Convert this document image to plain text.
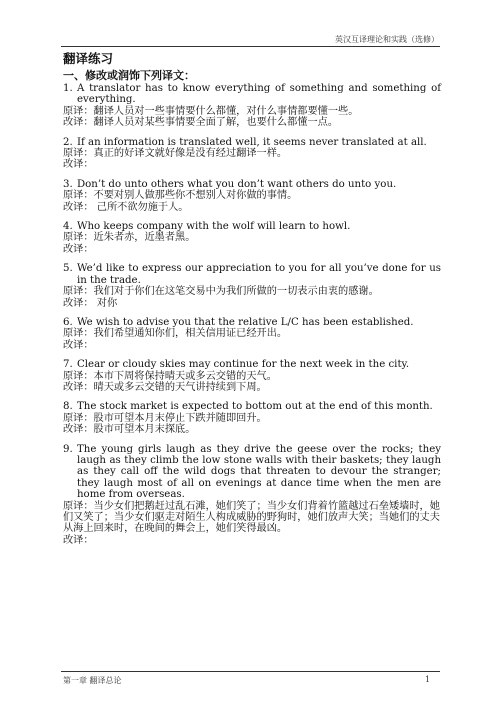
英汉互译理论和实践（选修）
翻译练习
一、修改或润饰下列译文：
1. A translator has to know everything of something and something of everything.
原译：翻译人员对一些事情要什么都懂，对什么事情都要懂一些。
改译：翻译人员对某些事情要全面了解，也要什么都懂一点。
2. If an information is translated well, it seems never translated at all.
原译：真正的好译文就好像是没有经过翻译一样。
改译：
3. Don’t do unto others what you don’t want others do unto you.
原译：不要对别人做那些你不想别人对你做的事情。
改译： 己所不欲勿施于人。
4. Who keeps company with the wolf will learn to howl.
原译：近朱者赤，近墨者黑。
改译：
5. We’d like to express our appreciation to you for all you’ve done for us in the trade.
原译：我们对于你们在这笔交易中为我们所做的一切表示由衷的感谢。
改译： 对你
6. We wish to advise you that the relative L/C has been established.
原译：我们希望通知你们，相关信用证已经开出。
改译：
7. Clear or cloudy skies may continue for the next week in the city.
原译：本市下周将保持晴天或多云交错的天气。
改译：晴天或多云交错的天气讲持续到下周。
8. The stock market is expected to bottom out at the end of this month.
原译：股市可望本月末停止下跌并随即回升。
改译：股市可望本月末探底。
9. The young girls laugh as they drive the geese over the rocks; they laugh as they climb the low stone walls with their baskets; they laugh as they call off the wild dogs that threaten to devour the stranger; they laugh most of all on evenings at dance time when the men are home from overseas.
原译：当少女们把鹅赶过乱石滩，她们笑了；当少女们背着竹篮越过石垒矮墙时，她们又笑了；当少女们驱走对陌生人构成威胁的野狗时，她们放声大笑；当她们的丈夫从海上回来时，在晚间的舞会上，她们笑得最凶。
改译：
第一章 翻译总论	1
